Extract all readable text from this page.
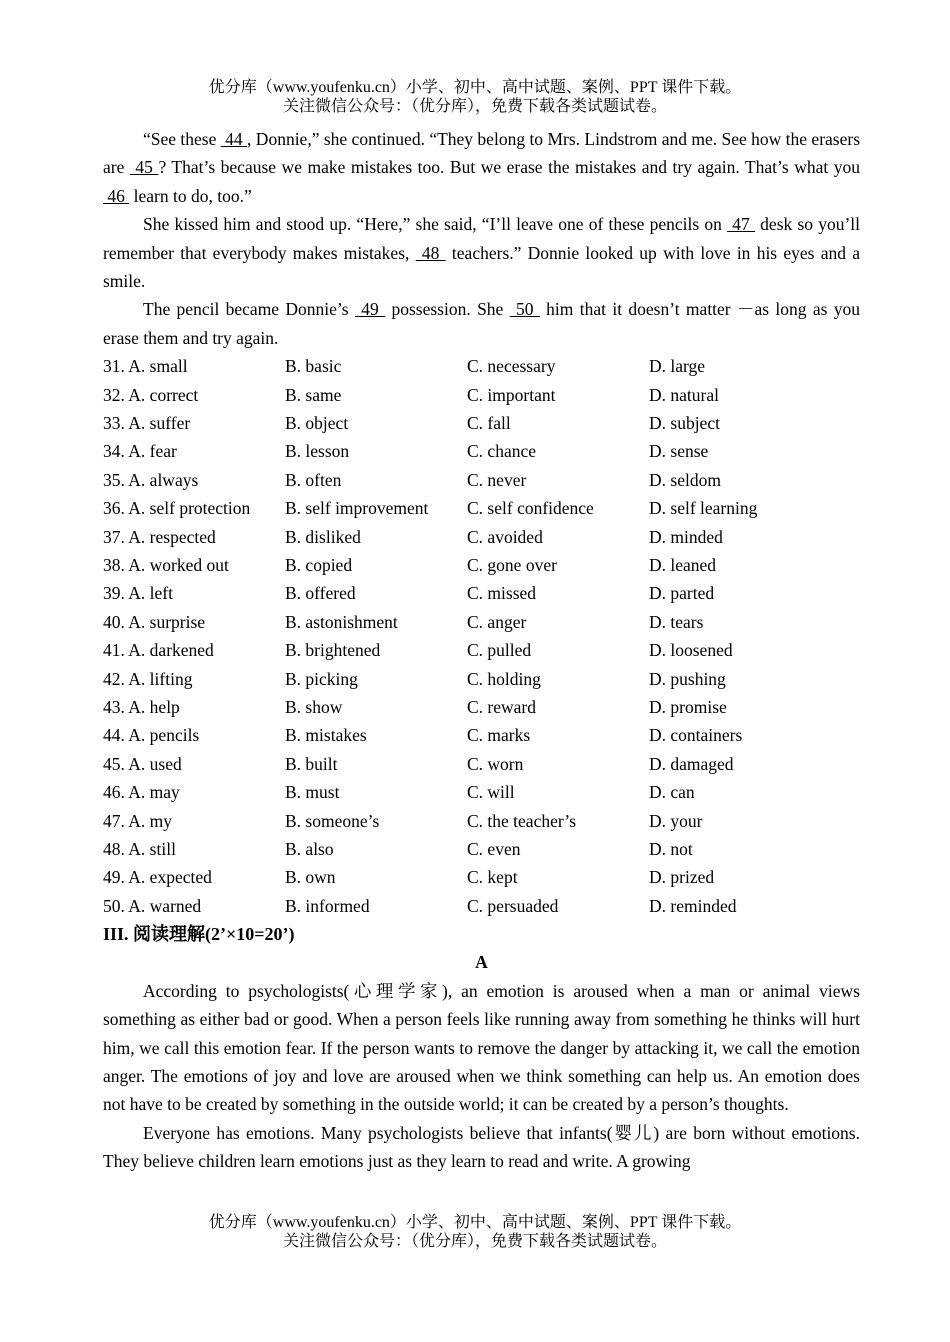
优分库（www.youfenku.cn）小学、初中、高中试题、案例、PPT 课件下载。
关注微信公众号：（优分库），免费下载各类试题试卷。

“See these  44 , Donnie,” she continued. “They belong to Mrs. Lindstrom and me. See how the erasers are  45 ? That’s because we make mistakes too. But we erase the mistakes and try again. That’s what you  46  learn to do, too.”

She kissed him and stood up. “Here,” she said, “I’ll leave one of these pencils on  47  desk so you’ll remember that everybody makes mistakes,  48  teachers.” Donnie looked up with love in his eyes and a smile.

The pencil became Donnie’s  49  possession. She  50  him that it doesn’t matter －as long as you erase them and try again.

31. A. small	B. basic	C. necessary	D. large
32. A. correct	B. same	C. important	D. natural
33. A. suffer	B. object	C. fall	D. subject
34. A. fear	B. lesson	C. chance	D. sense
35. A. always	B. often	C. never	D. seldom
36. A. self protection	B. self improvement	C. self confidence	D. self learning
37. A. respected	B. disliked	C. avoided	D. minded
38. A. worked out	B. copied	C. gone over	D. leaned
39. A. left	B. offered	C. missed	D. parted
40. A. surprise	B. astonishment	C. anger	D. tears
41. A. darkened	B. brightened	C. pulled	D. loosened
42. A. lifting	B. picking	C. holding	D. pushing
43. A. help	B. show	C. reward	D. promise
44. A. pencils	B. mistakes	C. marks	D. containers
45. A. used	B. built	C. worn	D. damaged
46. A. may	B. must	C. will	D. can
47. A. my	B. someone’s	C. the teacher’s	D. your
48. A. still	B. also	C. even	D. not
49. A. expected	B. own	C. kept	D. prized
50. A. warned	B. informed	C. persuaded	D. reminded
III. 阅读理解(2’×10=20’)
A

According to psychologists(心理学家), an emotion is aroused when a man or animal views something as either bad or good. When a person feels like running away from something he thinks will hurt him, we call this emotion fear. If the person wants to remove the danger by attacking it, we call the emotion anger. The emotions of joy and love are aroused when we think something can help us. An emotion does not have to be created by something in the outside world; it can be created by a person’s thoughts.

Everyone has emotions. Many psychologists believe that infants(婴儿) are born without emotions. They believe children learn emotions just as they learn to read and write. A growing

优分库（www.youfenku.cn）小学、初中、高中试题、案例、PPT 课件下载。
关注微信公众号：（优分库），免费下载各类试题试卷。
